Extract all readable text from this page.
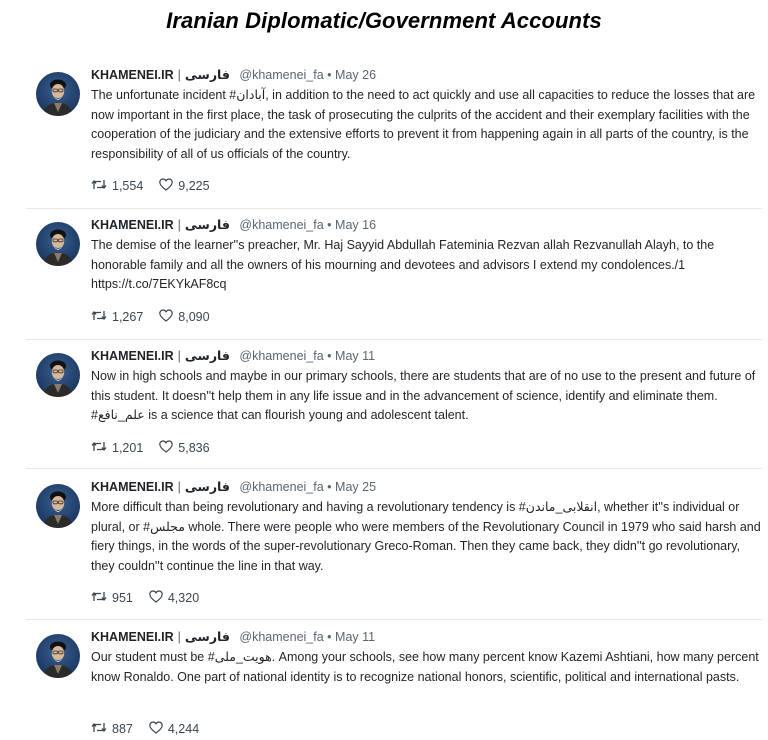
Iranian Diplomatic/Government Accounts
KHAMENEI.IR | فارسی @khamenei_fa • May 26
The unfortunate incident #آبادان, in addition to the need to act quickly and use all capacities to reduce the losses that are now important in the first place, the task of prosecuting the culprits of the accident and their exemplary facilities with the cooperation of the judiciary and the extensive efforts to prevent it from happening again in all parts of the country, is the responsibility of all of us officials of the country.
1,554	9,225
KHAMENEI.IR | فارسی @khamenei_fa • May 16
The demise of the learner''s preacher, Mr. Haj Sayyid Abdullah Fateminia Rezvan allah Rezvanullah Alayh, to the honorable family and all the owners of his mourning and devotees and advisors I extend my condolences./1 https://t.co/7EKYkAF8cq
1,267	8,090
KHAMENEI.IR | فارسی @khamenei_fa • May 11
Now in high schools and maybe in our primary schools, there are students that are of no use to the present and future of this student. It doesn''t help them in any life issue and in the advancement of science, identify and eliminate them. #علم_نافع is a science that can flourish young and adolescent talent.
1,201	5,836
KHAMENEI.IR | فارسی @khamenei_fa • May 25
More difficult than being revolutionary and having a revolutionary tendency is #انقلابی_ماندن, whether it''s individual or plural, or #مجلس whole. There were people who were members of the Revolutionary Council in 1979 who said harsh and fiery things, in the words of the super-revolutionary Greco-Roman. Then they came back, they didn''t go revolutionary, they couldn''t continue the line in that way.
951	4,320
KHAMENEI.IR | فارسی @khamenei_fa • May 11
Our student must be #هویت_ملی. Among your schools, see how many percent know Kazemi Ashtiani, how many percent know Ronaldo. One part of national identity is to recognize national honors, scientific, political and international pasts.
887	4,244
